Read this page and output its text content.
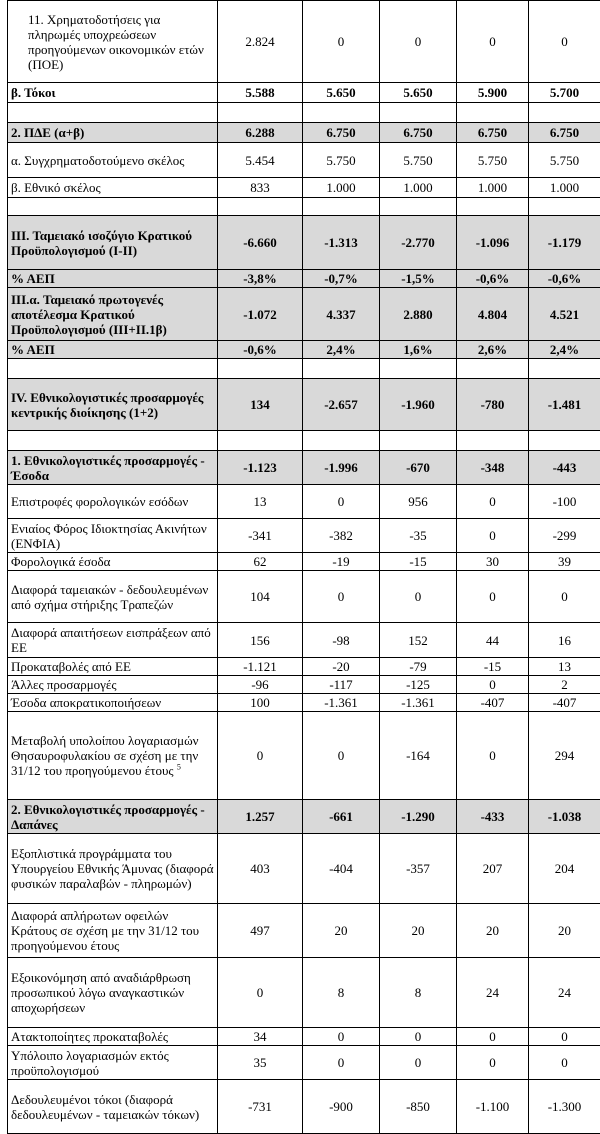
11. Χρηματοδοτήσεις για πληρωμές υποχρεώσεων προηγούμενων οικονομικών ετών (ΠΟΕ)	2.824	0	0	0	0
β. Τόκοι	5.588	5.650	5.650	5.900	5.700

2. ΠΔΕ (α+β)	6.288	6.750	6.750	6.750	6.750
α. Συγχρηματοδοτούμενο σκέλος	5.454	5.750	5.750	5.750	5.750
β. Εθνικό σκέλος	833	1.000	1.000	1.000	1.000

ΙΙΙ. Ταμειακό ισοζύγιο Κρατικού Προϋπολογισμού (Ι-ΙΙ)	-6.660	-1.313	-2.770	-1.096	-1.179
% ΑΕΠ	-3,8%	-0,7%	-1,5%	-0,6%	-0,6%
ΙΙΙ.α. Ταμειακό πρωτογενές αποτέλεσμα Κρατικού Προϋπολογισμού (ΙΙΙ+ΙΙ.1β)	-1.072	4.337	2.880	4.804	4.521
% ΑΕΠ	-0,6%	2,4%	1,6%	2,6%	2,4%

ΙV. Εθνικολογιστικές προσαρμογές κεντρικής διοίκησης (1+2)	134	-2.657	-1.960	-780	-1.481

1. Εθνικολογιστικές προσαρμογές - Έσοδα	-1.123	-1.996	-670	-348	-443
Επιστροφές φορολογικών εσόδων	13	0	956	0	-100
Ενιαίος Φόρος Ιδιοκτησίας Ακινήτων (ΕΝΦΙΑ)	-341	-382	-35	0	-299
Φορολογικά έσοδα	62	-19	-15	30	39
Διαφορά ταμειακών - δεδουλευμένων από σχήμα στήριξης Τραπεζών	104	0	0	0	0
Διαφορά απαιτήσεων εισπράξεων από ΕΕ	156	-98	152	44	16
Προκαταβολές από ΕΕ	-1.121	-20	-79	-15	13
Άλλες προσαρμογές	-96	-117	-125	0	2
Έσοδα αποκρατικοποιήσεων	100	-1.361	-1.361	-407	-407
Μεταβολή υπολοίπου λογαριασμών Θησαυροφυλακίου σε σχέση με την 31/12 του προηγούμενου έτους $^5$	0	0	-164	0	294
2. Εθνικολογιστικές προσαρμογές - Δαπάνες	1.257	-661	-1.290	-433	-1.038
Εξοπλιστικά προγράμματα του Υπουργείου Εθνικής Άμυνας (διαφορά φυσικών παραλαβών - πληρωμών)	403	-404	-357	207	204
Διαφορά απλήρωτων οφειλών Κράτους σε σχέση με την 31/12 του προηγούμενου έτους	497	20	20	20	20
Εξοικονόμηση από αναδιάρθρωση προσωπικού λόγω αναγκαστικών αποχωρήσεων	0	8	8	24	24
Ατακτοποίητες προκαταβολές	34	0	0	0	0
Υπόλοιπο λογαριασμών εκτός προϋπολογισμού	35	0	0	0	0
Δεδουλευμένοι τόκοι (διαφορά δεδουλευμένων - ταμειακών τόκων)	-731	-900	-850	-1.100	-1.300
